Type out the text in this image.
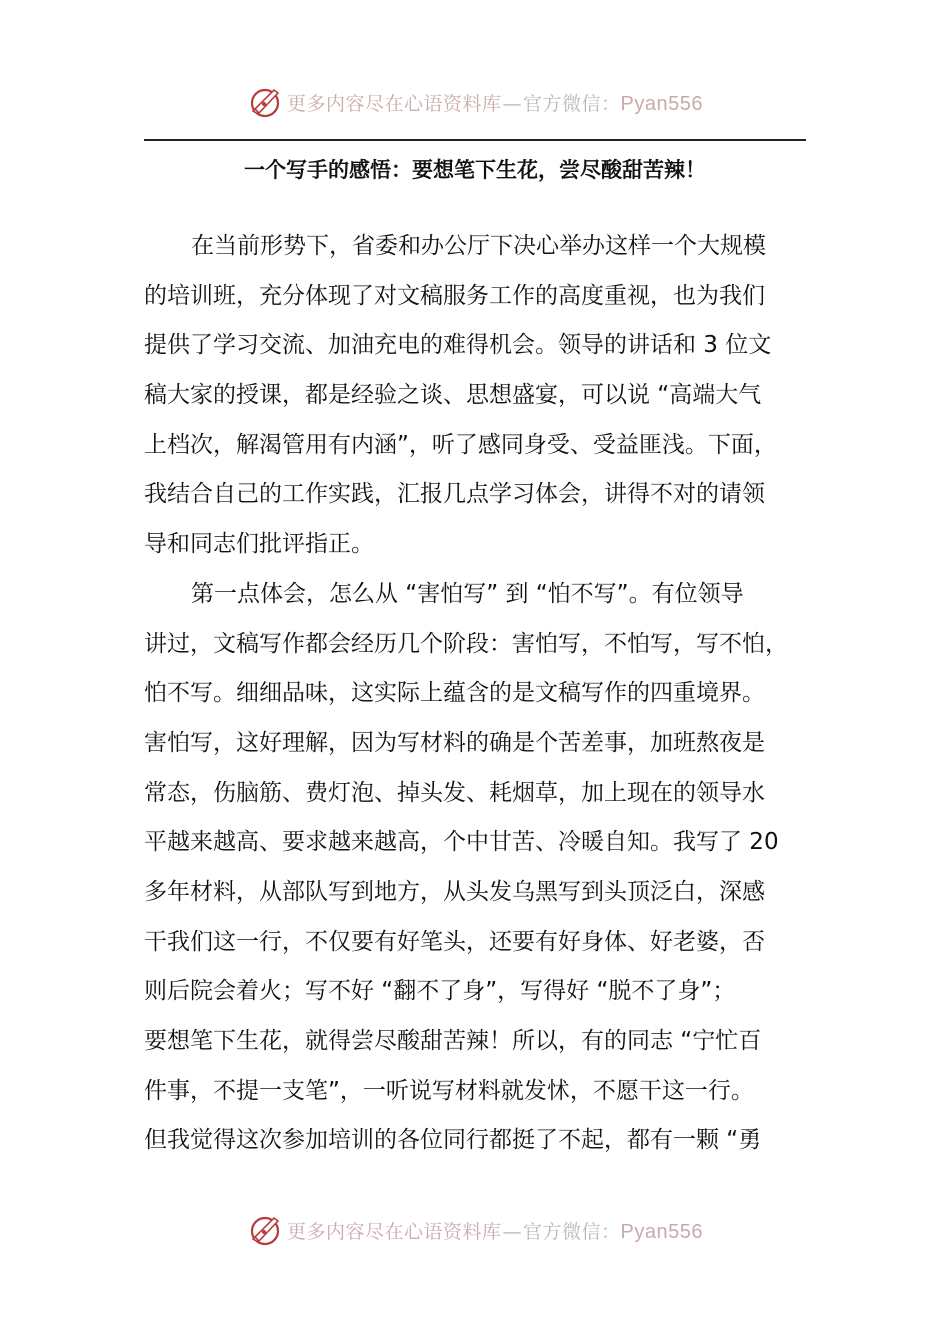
更多内容尽在心语资料库—官方微信：Pyan556
一个写手的感悟：要想笔下生花，尝尽酸甜苦辣！
在当前形势下，省委和办公厅下决心举办这样一个大规模
的培训班，充分体现了对文稿服务工作的高度重视，也为我们
提供了学习交流、加油充电的难得机会。领导的讲话和 3 位文
稿大家的授课，都是经验之谈、思想盛宴，可以说 “高端大气
上档次，解渴管用有内涵”，听了感同身受、受益匪浅。下面，
我结合自己的工作实践，汇报几点学习体会，讲得不对的请领
导和同志们批评指正。
第一点体会，怎么从 “害怕写” 到 “怕不写”。有位领导
讲过，文稿写作都会经历几个阶段：害怕写，不怕写，写不怕，
怕不写。细细品味，这实际上蕴含的是文稿写作的四重境界。
害怕写，这好理解，因为写材料的确是个苦差事，加班熬夜是
常态，伤脑筋、费灯泡、掉头发、耗烟草，加上现在的领导水
平越来越高、要求越来越高，个中甘苦、冷暖自知。我写了 20
多年材料，从部队写到地方，从头发乌黑写到头顶泛白，深感
干我们这一行，不仅要有好笔头，还要有好身体、好老婆，否
则后院会着火；写不好 “翻不了身”，写得好 “脱不了身”；
要想笔下生花，就得尝尽酸甜苦辣！所以，有的同志 “宁忙百
件事，不提一支笔”，一听说写材料就发怵，不愿干这一行。
但我觉得这次参加培训的各位同行都挺了不起，都有一颗 “勇
更多内容尽在心语资料库—官方微信：Pyan556
